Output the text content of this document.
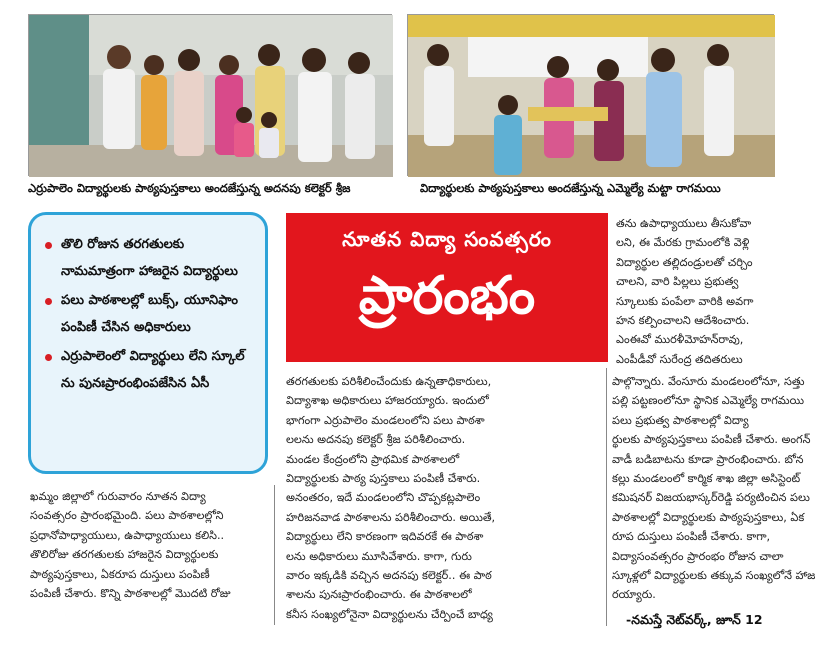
ఎర్రుపాలెం విద్యార్థులకు పాఠ్యపుస్తకాలు అందజేస్తున్న అదనపు కలెక్టర్ శ్రీజ	విద్యార్థులకు పాఠ్యపుస్తకాలు అందజేస్తున్న ఎమ్మెల్యే మట్టా రాగమయి
తొలి రోజున తరగతులకు నామమాత్రంగా హాజరైన విద్యార్థులు
పలు పాఠశాలల్లో బుక్స్, యూనిఫాం పంపిణీ చేసిన అధికారులు
ఎర్రుపాలెంలో విద్యార్థులు లేని స్కూల్ ను పునఃప్రారంభింపజేసిన ఏసీ
నూతన విద్యా సంవత్సరం
ప్రారంభం

ఖమ్మం జిల్లాలో గురువారం నూతన విద్యా

సంవత్సరం ప్రారంభమైంది. పలు పాఠశాలల్లోని

ప్రధానోపాధ్యాయులు, ఉపాధ్యాయులు కలిసి..

తొలిరోజు తరగతులకు హాజరైన విద్యార్థులకు

పాఠ్యపుస్తకాలు, ఏకరూప దుస్తులు పంపిణీ

పంపిణీ చేశారు. కొన్ని పాఠశాలల్లో మొదటి రోజు

తరగతులకు పరిశీలించేందుకు ఉన్నతాధికారులు,

విద్యాశాఖ అధికారులు హాజరయ్యారు. ఇందులో

భాగంగా ఎర్రుపాలెం మండలంలోని పలు పాఠశా

లలను అదనపు కలెక్టర్ శ్రీజ పరిశీలించారు.

మండల కేంద్రంలోని ప్రాథమిక పాఠశాలలో

విద్యార్థులకు పాఠ్య పుస్తకాలు పంపిణీ చేశారు.

అనంతరం, ఇదే మండలంలోని చొప్పకట్లపాలెం

హరిజనవాడ పాఠశాలను పరిశీలించారు. అయితే,

విద్యార్థులు లేని కారణంగా ఇదివరకే ఈ పాఠశా

లను అధికారులు మూసివేశారు. కాగా, గురు

వారం ఇక్కడికి వచ్చిన అదనపు కలెక్టర్.. ఈ పాఠ

శాలను పునఃప్రారంభించారు. ఈ పాఠశాలలో

కనీస సంఖ్యలోనైనా విద్యార్థులను చేర్పించే బాధ్య

తను ఉపాధ్యాయులు తీసుకోవా

లని, ఈ మేరకు గ్రామంలోకి వెళ్లి

విద్యార్థుల తల్లిదండ్రులతో చర్చిం

చాలని, వారి పిల్లలు ప్రభుత్వ

స్కూలుకు పంపేలా వారికి అవగా

హన కల్పించాలని ఆదేశించారు.

ఎంఈవో మురళీమోహన్‌రావు,

ఎంపీడీవో సురేంద్ర తదితరులు

పాల్గొన్నారు. వేంసూరు మండలంలోనూ, సత్తు

పల్లి పట్టణంలోనూ స్థానిక ఎమ్మెల్యే రాగమయి

పలు ప్రభుత్వ పాఠశాలల్లో విద్యా

ర్థులకు పాఠ్యపుస్తకాలు పంపిణీ చేశారు. అంగన్

వాడీ బడిబాటను కూడా ప్రారంభించారు. బోన

కల్లు మండలంలో కార్మిక శాఖ జిల్లా అసిస్టెంట్

కమిషనర్ విజయభాస్కర్‌రెడ్డి పర్యటించిన పలు

పాఠశాలల్లో విద్యార్థులకు పాఠ్యపుస్తకాలు, ఏక

రూప దుస్తులు పంపిణీ చేశారు. కాగా,

విద్యాసంవత్సరం ప్రారంభం రోజున చాలా

స్కూళ్లలో విద్యార్థులకు తక్కువ సంఖ్యలోనే హాజ

రయ్యారు.

-నమస్తే నెట్‌వర్క్, జూన్ 12
